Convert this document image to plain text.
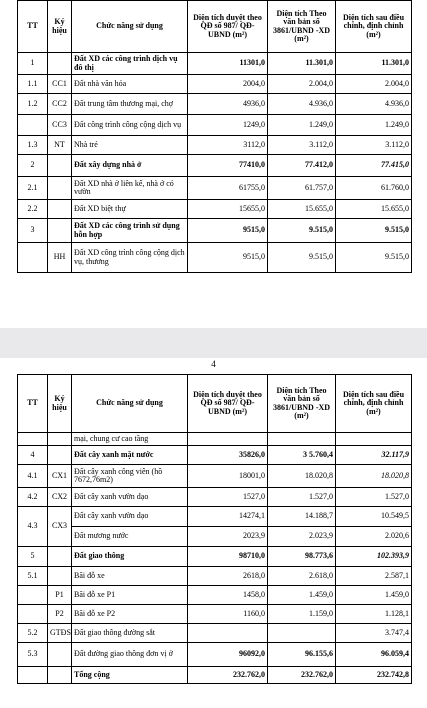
TT	Ký hiệu	Chức năng sử dụng	Diện tích duyệt theo QĐ số 987/ QĐ-UBND (m²)	Diện tích Theo văn bản số 3861/UBND -XD (m²)	Diện tích sau điều chỉnh, định chỉnh (m²)
1		Đất XD các công trình dịch vụ đô thị	11301,0	11.301,0	11.301,0
1.1	CC1	Đất nhà văn hóa	2004,0	2.004,0	2.004,0
1.2	CC2	Đất trung tâm thương mại, chợ	4936,0	4.936,0	4.936,0
	CC3	Đất công trình công cộng dịch vụ	1249,0	1.249,0	1.249,0
1.3	NT	Nhà trẻ	3112,0	3.112,0	3.112,0
2		Đất xây dựng nhà ở	77410,0	77.412,0	77.415,0
2.1		Đất XD nhà ở liên kế, nhà ở có vườn	61755,0	61.757,0	61.760,0
2.2		Đất XD biệt thự	15655,0	15.655,0	15.655,0
3		Đất XD các công trình sử dụng hỗn hợp	9515,0	9.515,0	9.515,0
	HH	Đất XD công trình công cộng dịch vụ, thương	9515,0	9.515,0	9.515,0
4
TT	Ký hiệu	Chức năng sử dụng	Diện tích duyệt theo QĐ số 987/ QĐ-UBND (m²)	Diện tích Theo văn bản số 3861/UBND -XD (m²)	Diện tích sau điều chỉnh, định chỉnh (m²)
		mại, chung cư cao tầng			
4		Đất cây xanh mặt nước	35826,0	3 5.760,4	32.117,9
4.1	CX1	Đất cây xanh công viên (hồ 7672,76m2)	18001,0	18.020,8	18.020,8
4.2	CX2	Đất cây xanh vườn dạo	1527,0	1.527,0	1.527,0
4.3	CX3	Đất cây xanh vườn dạo	14274,1	14.188,7	10.549,5
		Đất mương nước	2023,9	2.023,9	2.020,6
5		Đất giao thông	98710,0	98.773,6	102.393,9
5.1		Bãi đỗ xe	2618,0	2.618,0	2.587,1
	P1	Bãi đỗ xe P1	1458,0	1.459,0	1.459,0
	P2	Bãi đỗ xe P2	1160,0	1.159,0	1.128,1
5.2	GTĐS	Đất giao thông đường sắt			3.747,4
5.3		Đất đường giao thông đơn vị ở	96092,0	96.155,6	96.059,4
		Tổng cộng	232.762,0	232.762,0	232.742,8
